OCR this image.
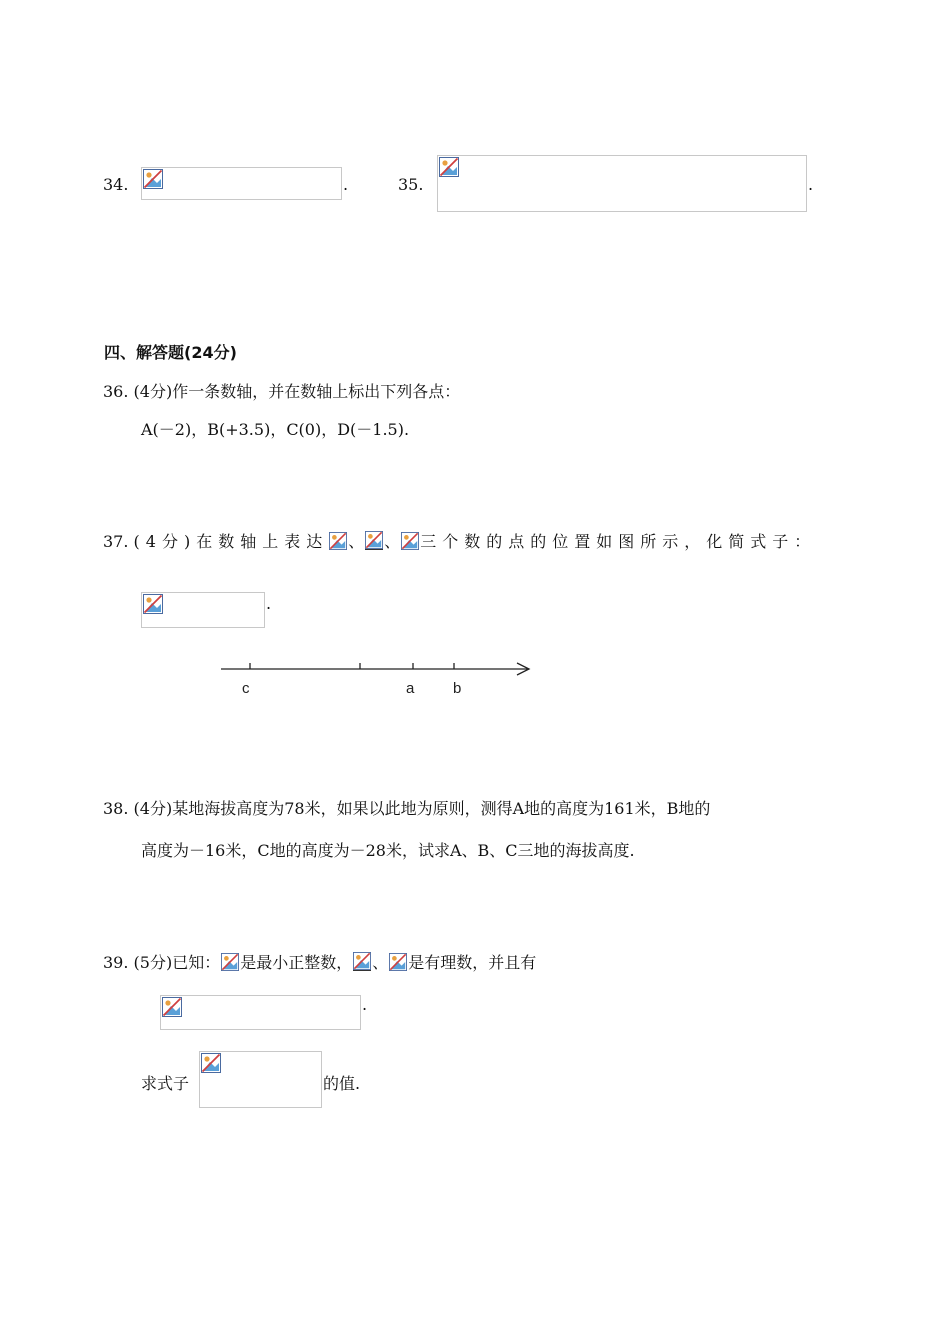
34.	.	35.	.
四、解答题(24分)
36. (4分)作一条数轴，并在数轴上标出下列各点：
A(－2)，B(+3.5)，C(0)，D(－1.5).
37. (4分)在数轴上表达 、 、 三个数的点的位置如图所示，化简式子：
.
c	a	b
38. (4分)某地海拔高度为78米，如果以此地为原则，测得A地的高度为161米，B地的
高度为－16米，C地的高度为－28米，试求A、B、C三地的海拔高度.
39. (5分)已知： 是最小正整数， 、 是有理数，并且有
.
求式子	的值.
